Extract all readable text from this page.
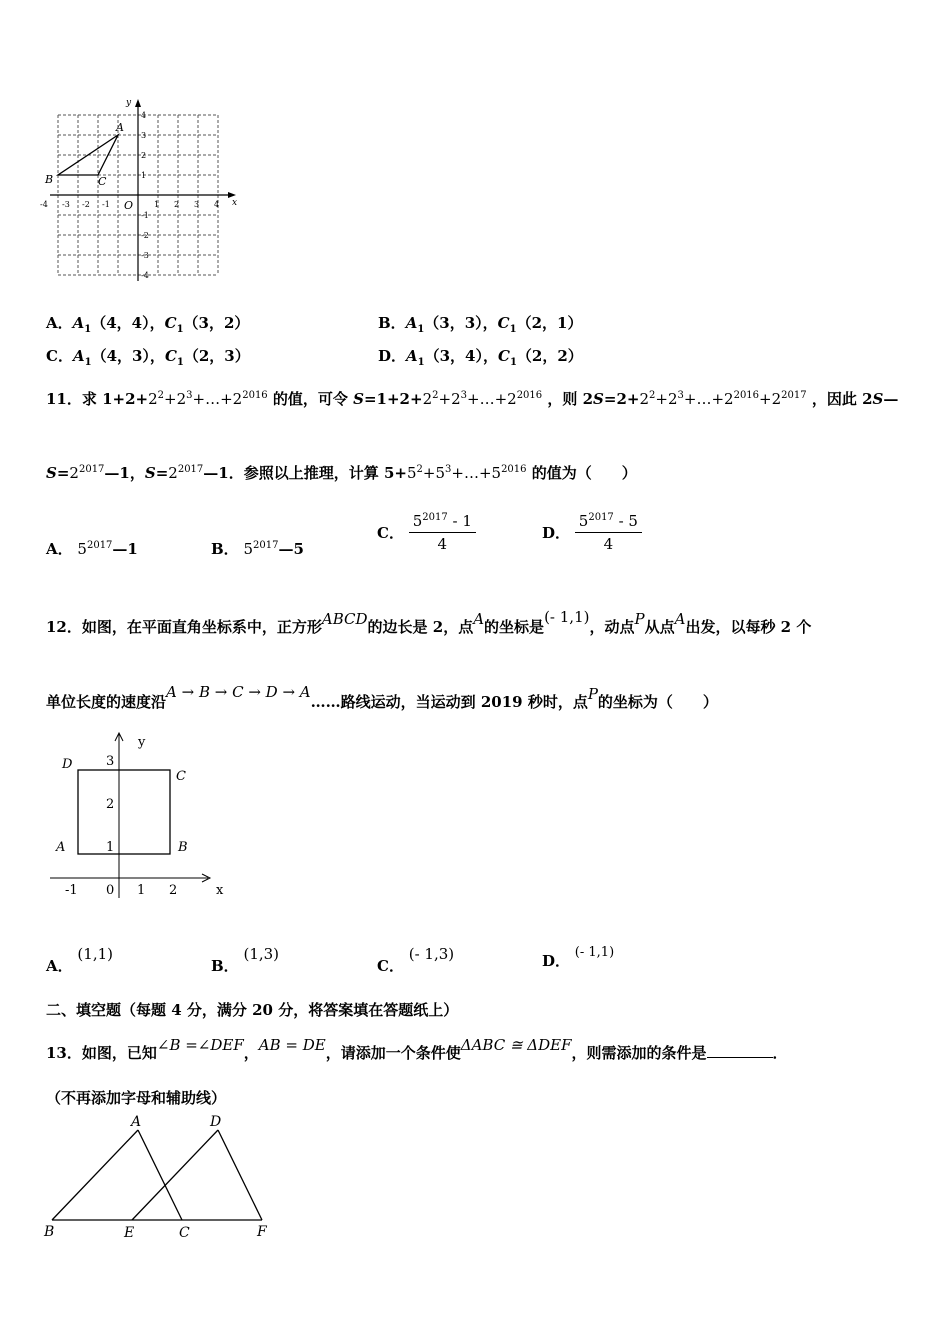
-4 -3 -2 -1 O	1 2 3 4 x
4
3
2
1
-1
-2
-3
-4
y
A
B	C
A．$A_1(4$，4），$C_1(3$，2）	B．$A_1(3$，3），$C_1(2$，1）
C．$A_1(4$，3），$C_1(2$，3）	D．$A_1(3$，4），$C_1(2$，2）
11．求 $1+2+2^2+2^3+\dots+2^{2016}$ 的值，可令 $S=1+2+2^2+2^3+\dots+2^{2016}$ ，则 $2S=2+2^2+2^3+\dots+2^{2016}+2^{2017}$ ，因此 2S—
$S=2^{2017}—1$，$S=2^{2017}—1$．参照以上推理，计算 $5+5^2+5^3+\dots+5^{2016}$ 的值为（　　）
A． $5^{2017}—1$	B． $5^{2017}—5$
C． $\frac{5^{2017} - 1}{4}$	D． $\frac{5^{2017} - 5}{4}$
12．如图，在平面直角坐标系中，正方形ABCD的边长是 2，点A的坐标是(- 1,1)，动点P从点A出发，以每秒 2 个
单位长度的速度沿A → B → C → D → A……路线运动，当运动到 2019 秒时，点P的坐标为（　　）
y
x
D
C
A	B
3
2
1
-1 0 1 2
A． (1,1)
B． (1,3)
C． (- 1,3)	D． (- 1,1)
二、填空题（每题 4 分，满分 20 分，将答案填在答题纸上）
13．如图，已知∠B =∠DEF，AB = DE，请添加一个条件使ΔABC ≅ ΔDEF，则需添加的条件是	．
（不再添加字母和辅助线）
A	D
B	E	C	F
